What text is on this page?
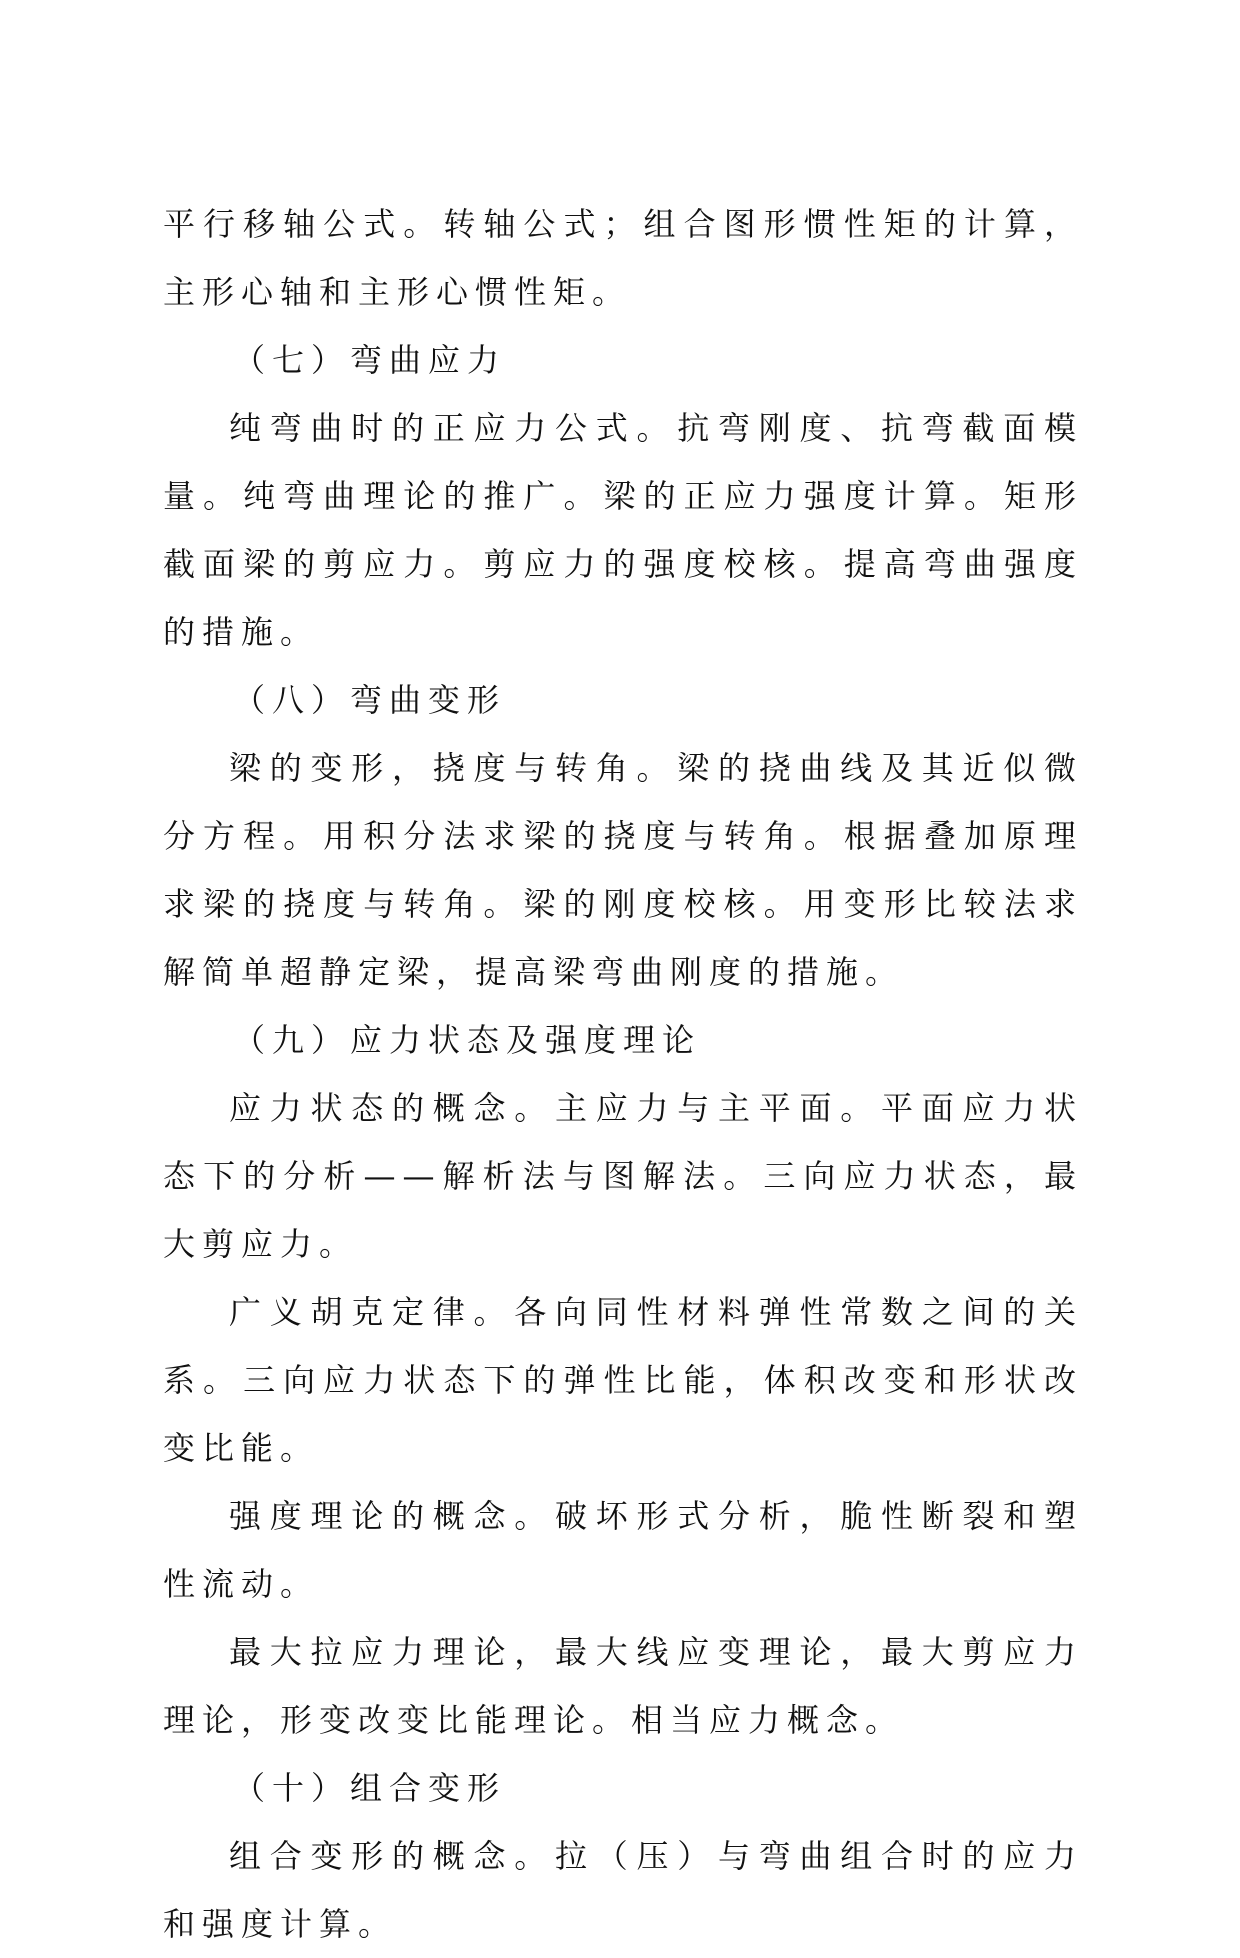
平行移轴公式。转轴公式；组合图形惯性矩的计算，主形心轴和主形心惯性矩。

（七）弯曲应力

纯弯曲时的正应力公式。抗弯刚度、抗弯截面模量。纯弯曲理论的推广。梁的正应力强度计算。矩形截面梁的剪应力。剪应力的强度校核。提高弯曲强度的措施。

（八）弯曲变形

梁的变形，挠度与转角。梁的挠曲线及其近似微分方程。用积分法求梁的挠度与转角。根据叠加原理求梁的挠度与转角。梁的刚度校核。用变形比较法求解简单超静定梁，提高梁弯曲刚度的措施。

（九）应力状态及强度理论

应力状态的概念。主应力与主平面。平面应力状态下的分析——解析法与图解法。三向应力状态，最大剪应力。

广义胡克定律。各向同性材料弹性常数之间的关系。三向应力状态下的弹性比能，体积改变和形状改变比能。

强度理论的概念。破坏形式分析，脆性断裂和塑性流动。

最大拉应力理论，最大线应变理论，最大剪应力理论，形变改变比能理论。相当应力概念。

（十）组合变形

组合变形的概念。拉（压）与弯曲组合时的应力和强度计算。
